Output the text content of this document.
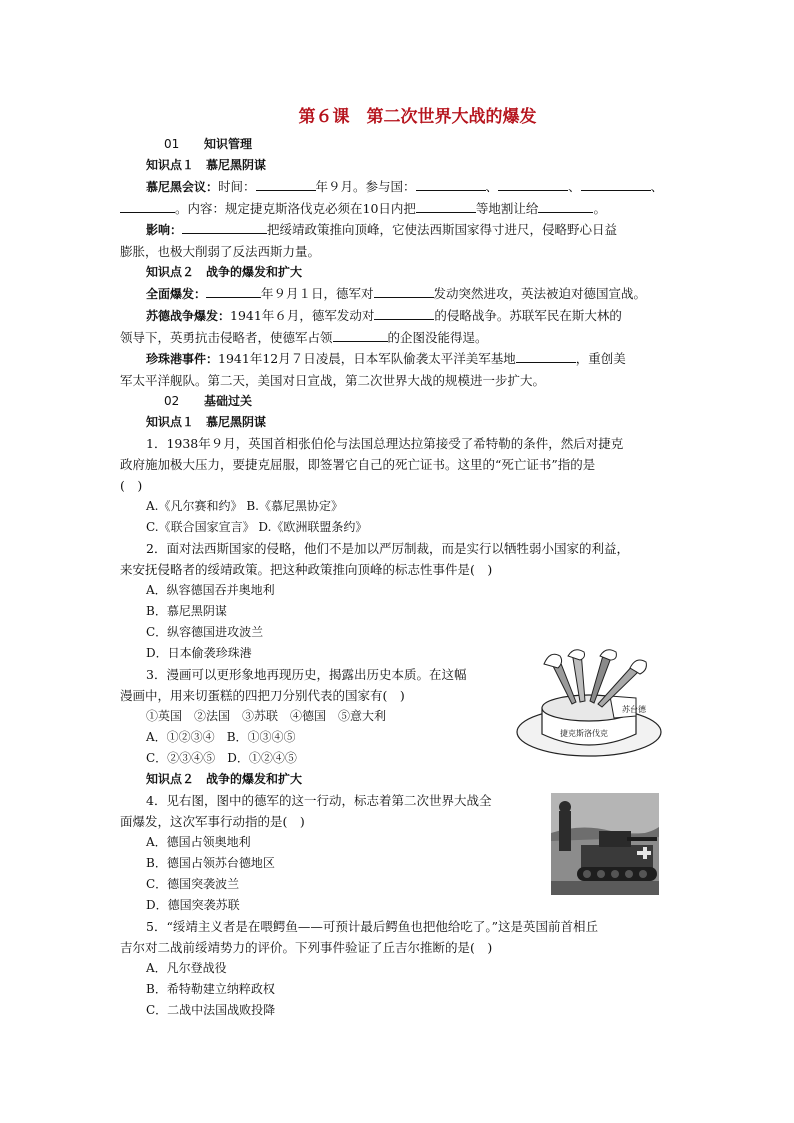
第６课　第二次世界大战的爆发
01 知识管理
知识点１　慕尼黑阴谋
慕尼黑会议：时间：	年９月。参与国：	、	、	、
。内容：规定捷克斯洛伐克必须在10日内把	等地割让给	。
影响：	把绥靖政策推向顶峰，它使法西斯国家得寸进尺，侵略野心日益
膨胀，也极大削弱了反法西斯力量。
知识点２　战争的爆发和扩大
全面爆发：	年９月１日，德军对	发动突然进攻，英法被迫对德国宣战。
苏德战争爆发：1941年６月，德军发动对	的侵略战争。苏联军民在斯大林的
领导下，英勇抗击侵略者，使德军占领	的企图没能得逞。
珍珠港事件：1941年12月７日凌晨，日本军队偷袭太平洋美军基地	，重创美
军太平洋舰队。第二天，美国对日宣战，第二次世界大战的规模进一步扩大。
02 基础过关
知识点１　慕尼黑阴谋
1．1938年９月，英国首相张伯伦与法国总理达拉第接受了希特勒的条件，然后对捷克
政府施加极大压力，要捷克屈服，即签署它自己的死亡证书。这里的“死亡证书”指的是
(　)
A.《凡尔赛和约》 B.《慕尼黑协定》
C.《联合国家宣言》 D.《欧洲联盟条约》
2．面对法西斯国家的侵略，他们不是加以严厉制裁，而是实行以牺牲弱小国家的利益，
来安抚侵略者的绥靖政策。把这种政策推向顶峰的标志性事件是(　)
A．纵容德国吞并奥地利
B．慕尼黑阴谋
C．纵容德国进攻波兰
D．日本偷袭珍珠港
3．漫画可以更形象地再现历史，揭露出历史本质。在这幅
漫画中，用来切蛋糕的四把刀分别代表的国家有(　)
①英国　②法国　③苏联　④德国　⑤意大利
A．①②③④　 B．①③④⑤
C．②③④⑤　 D．①②④⑤
知识点２　战争的爆发和扩大
4．见右图，图中的德军的这一行动，标志着第二次世界大战全
面爆发，这次军事行动指的是(　)
A．德国占领奥地利
B．德国占领苏台德地区
C．德国突袭波兰
D．德国突袭苏联
5．“绥靖主义者是在喂鳄鱼——可预计最后鳄鱼也把他给吃了。”这是英国前首相丘
吉尔对二战前绥靖势力的评价。下列事件验证了丘吉尔推断的是(　)
A．凡尔登战役
B．希特勒建立纳粹政权
C．二战中法国战败投降
苏台德
捷克斯洛伐克
